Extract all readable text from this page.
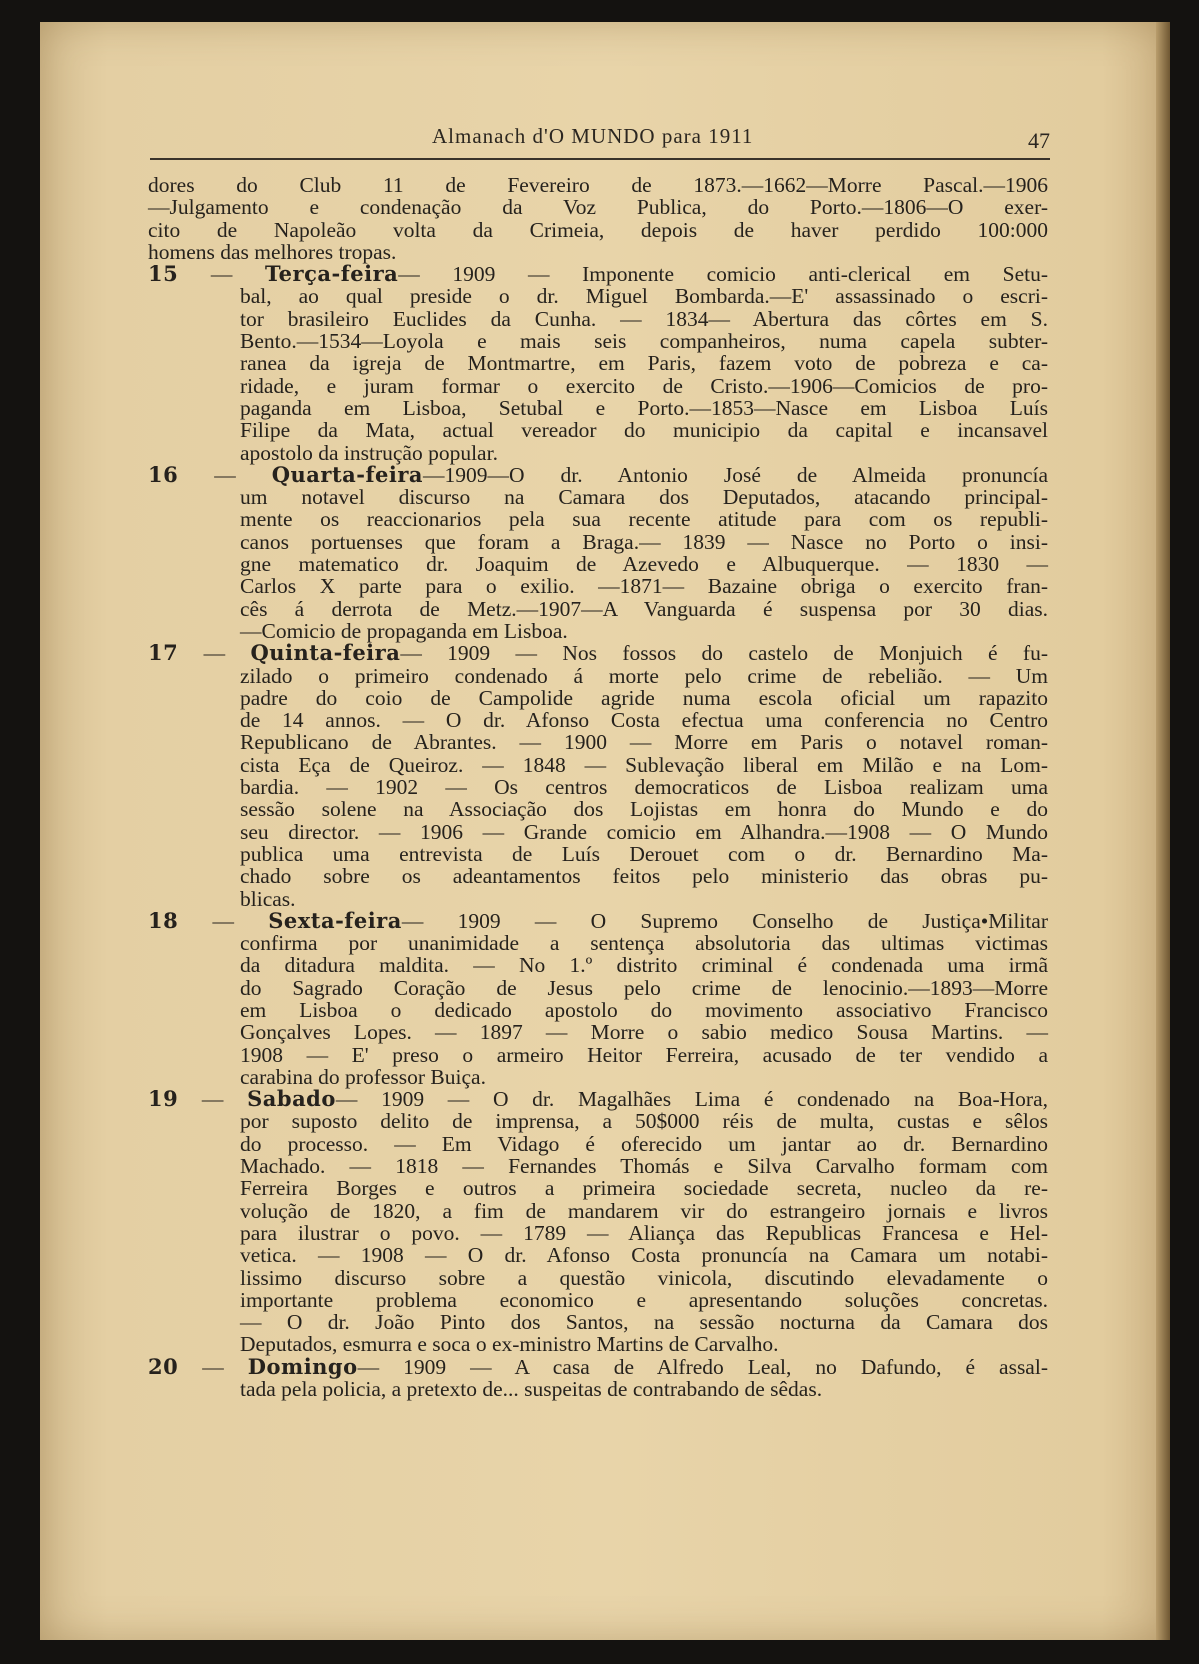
Almanach d'O MUNDO para 1911	47
dores do Club 11 de Fevereiro de 1873.—1662—Morre Pascal.—1906
—Julgamento e condenação da Voz Publica, do Porto.—1806—O exer-
cito de Napoleão volta da Crimeia, depois de haver perdido 100:000
homens das melhores tropas.
15 — Terça-feira— 1909 — Imponente comicio anti-clerical em Setu-
bal, ao qual preside o dr. Miguel Bombarda.—E' assassinado o escri-
tor brasileiro Euclides da Cunha. — 1834— Abertura das côrtes em S.
Bento.—1534—Loyola e mais seis companheiros, numa capela subter-
ranea da igreja de Montmartre, em Paris, fazem voto de pobreza e ca-
ridade, e juram formar o exercito de Cristo.—1906—Comicios de pro-
paganda em Lisboa, Setubal e Porto.—1853—Nasce em Lisboa Luís
Filipe da Mata, actual vereador do municipio da capital e incansavel
apostolo da instrução popular.
16 — Quarta-feira—1909—O dr. Antonio José de Almeida pronuncía
um notavel discurso na Camara dos Deputados, atacando principal-
mente os reaccionarios pela sua recente atitude para com os republi-
canos portuenses que foram a Braga.— 1839 — Nasce no Porto o insi-
gne matematico dr. Joaquim de Azevedo e Albuquerque. — 1830 —
Carlos X parte para o exilio. —1871— Bazaine obriga o exercito fran-
cês á derrota de Metz.—1907—A Vanguarda é suspensa por 30 dias.
—Comicio de propaganda em Lisboa.
17 — Quinta-feira— 1909 — Nos fossos do castelo de Monjuich é fu-
zilado o primeiro condenado á morte pelo crime de rebelião. — Um
padre do coio de Campolide agride numa escola oficial um rapazito
de 14 annos. — O dr. Afonso Costa efectua uma conferencia no Centro
Republicano de Abrantes. — 1900 — Morre em Paris o notavel roman-
cista Eça de Queiroz. — 1848 — Sublevação liberal em Milão e na Lom-
bardia. — 1902 — Os centros democraticos de Lisboa realizam uma
sessão solene na Associação dos Lojistas em honra do Mundo e do
seu director. — 1906 — Grande comicio em Alhandra.—1908 — O Mundo
publica uma entrevista de Luís Derouet com o dr. Bernardino Ma-
chado sobre os adeantamentos feitos pelo ministerio das obras pu-
blicas.
18 — Sexta-feira— 1909 — O Supremo Conselho de Justiça•Militar
confirma por unanimidade a sentença absolutoria das ultimas victimas
da ditadura maldita. — No 1.º distrito criminal é condenada uma irmã
do Sagrado Coração de Jesus pelo crime de lenocinio.—1893—Morre
em Lisboa o dedicado apostolo do movimento associativo Francisco
Gonçalves Lopes. — 1897 — Morre o sabio medico Sousa Martins. —
1908 — E' preso o armeiro Heitor Ferreira, acusado de ter vendido a
carabina do professor Buiça.
19 — Sabado— 1909 — O dr. Magalhães Lima é condenado na Boa-Hora,
por suposto delito de imprensa, a 50$000 réis de multa, custas e sêlos
do processo. — Em Vidago é oferecido um jantar ao dr. Bernardino
Machado. — 1818 — Fernandes Thomás e Silva Carvalho formam com
Ferreira Borges e outros a primeira sociedade secreta, nucleo da re-
volução de 1820, a fim de mandarem vir do estrangeiro jornais e livros
para ilustrar o povo. — 1789 — Aliança das Republicas Francesa e Hel-
vetica. — 1908 — O dr. Afonso Costa pronuncía na Camara um notabi-
lissimo discurso sobre a questão vinicola, discutindo elevadamente o
importante problema economico e apresentando soluções concretas.
— O dr. João Pinto dos Santos, na sessão nocturna da Camara dos
Deputados, esmurra e soca o ex-ministro Martins de Carvalho.
20 — Domingo— 1909 — A casa de Alfredo Leal, no Dafundo, é assal-
tada pela policia, a pretexto de... suspeitas de contrabando de sêdas.
